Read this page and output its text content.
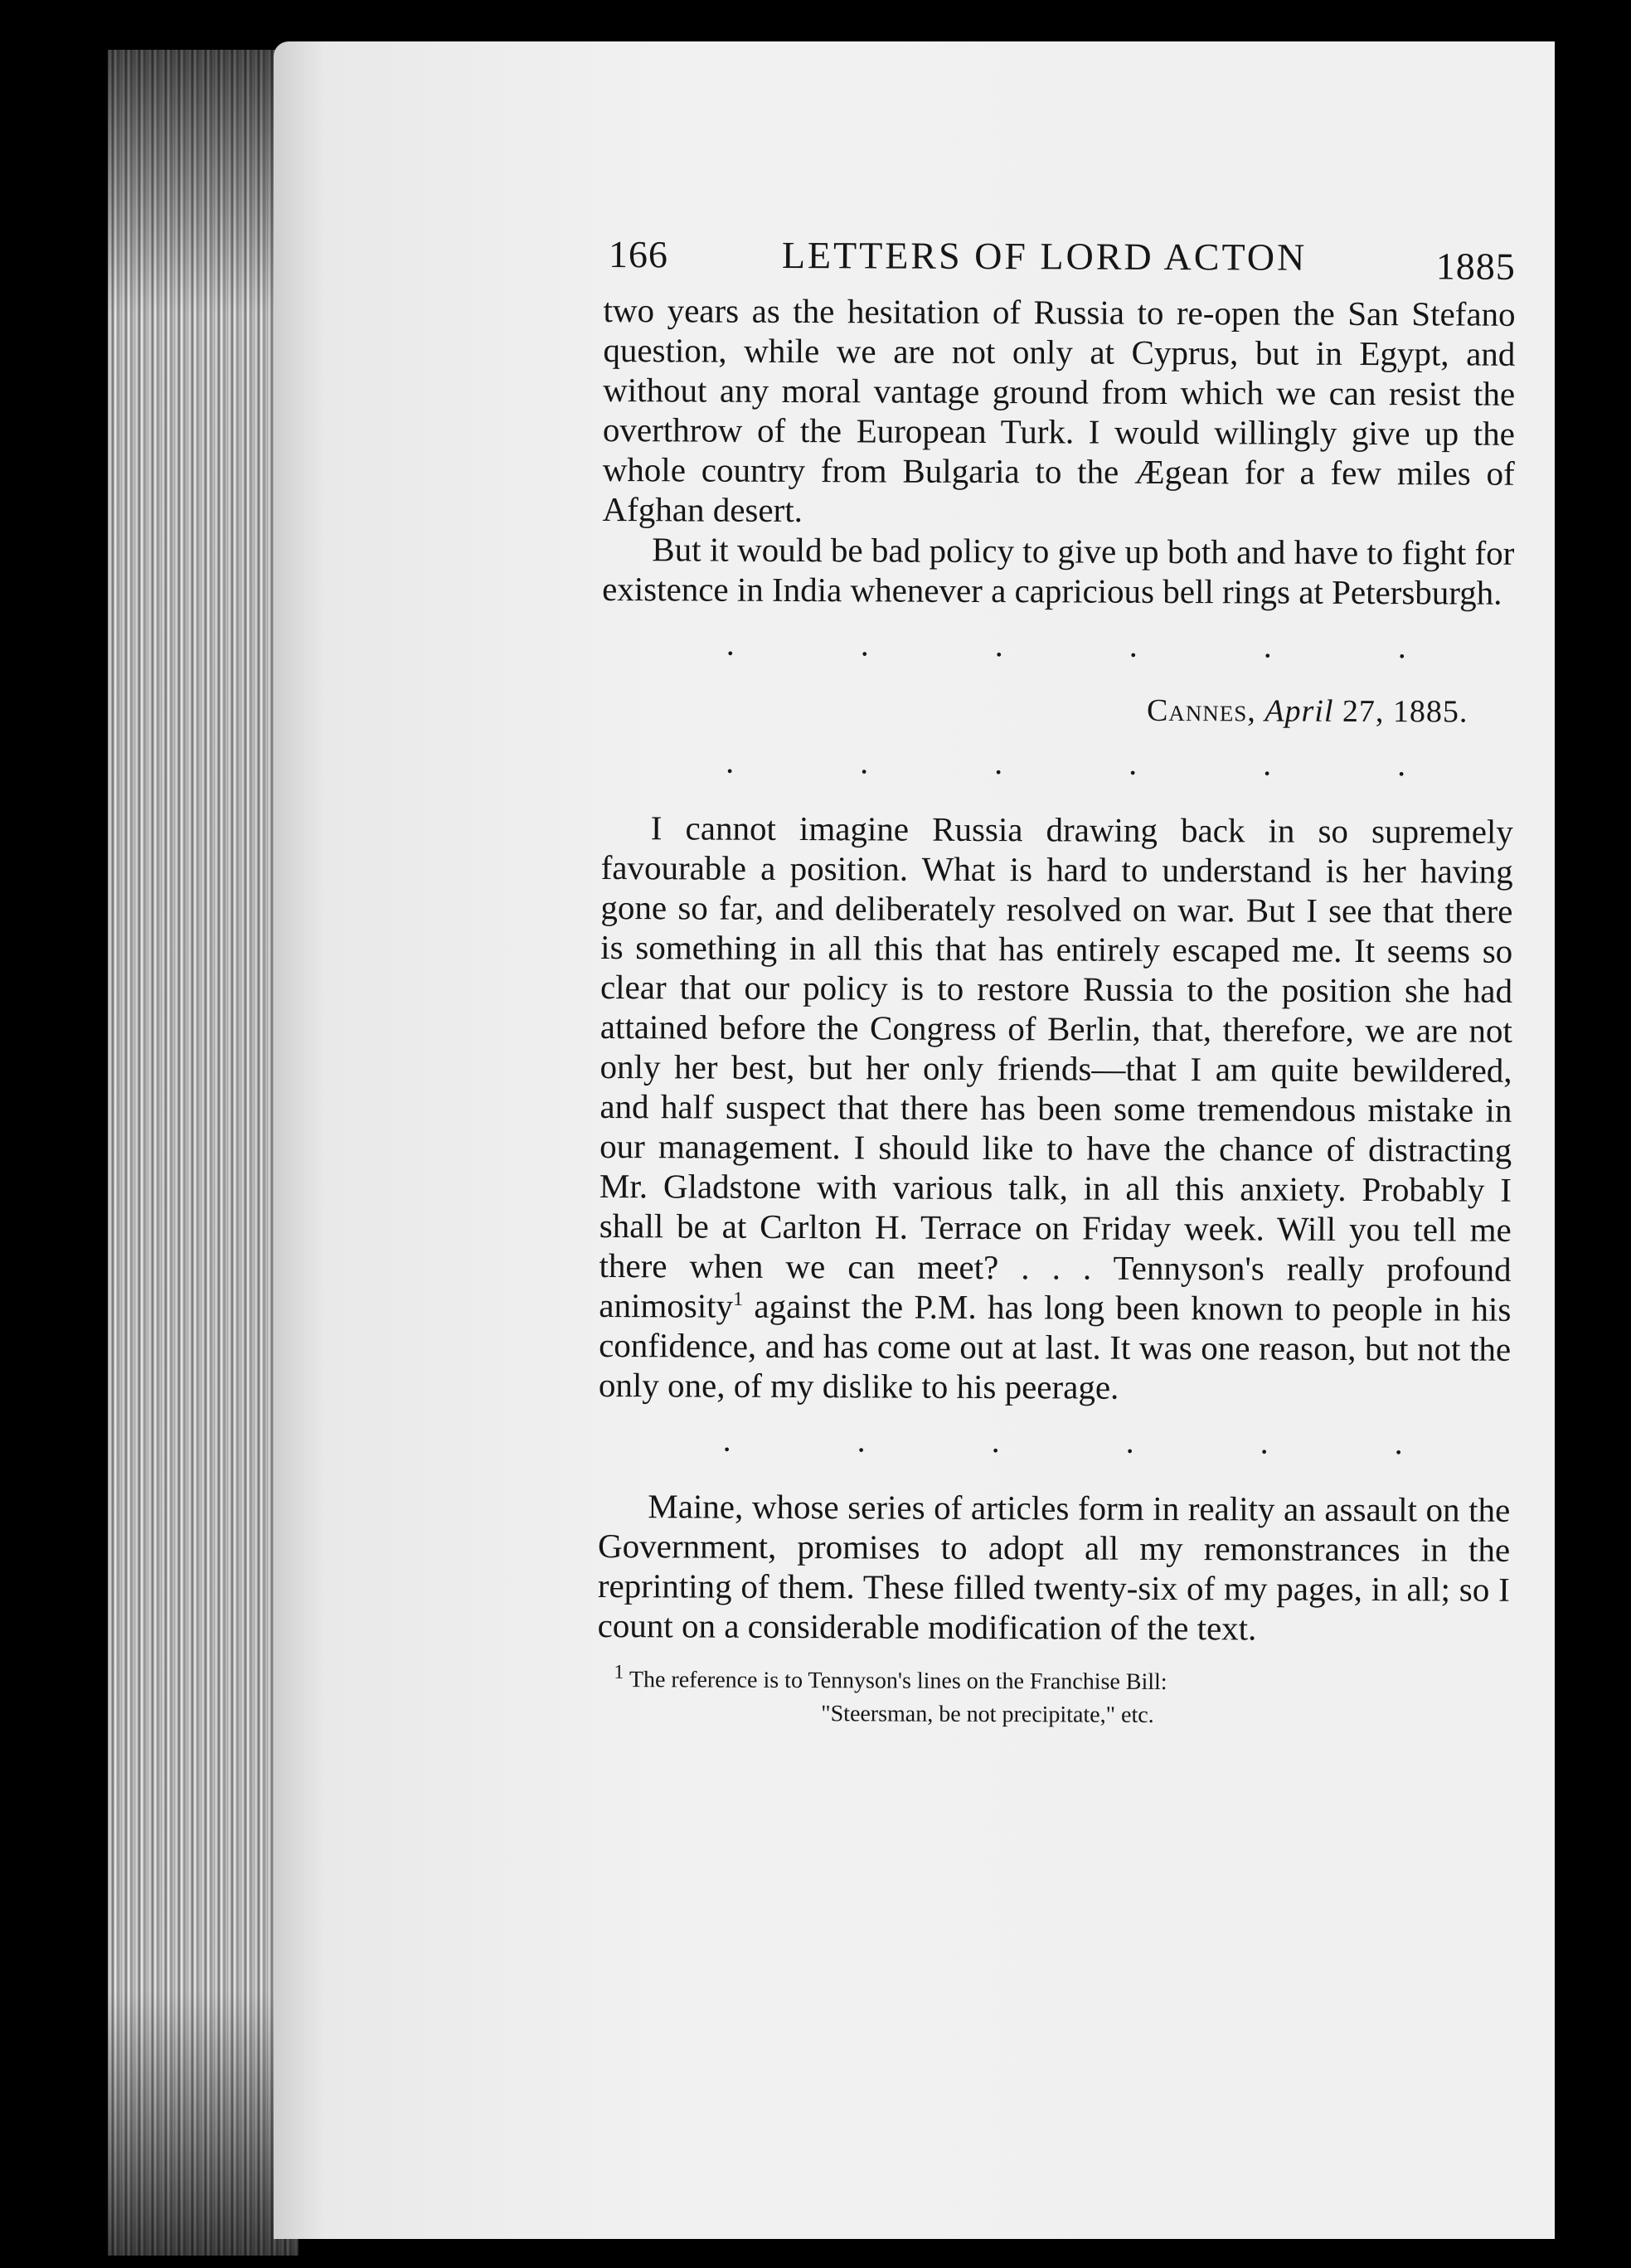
166	LETTERS OF LORD ACTON	1885

two years as the hesitation of Russia to re-open the San Stefano question, while we are not only at Cyprus, but in Egypt, and without any moral vantage ground from which we can resist the overthrow of the European Turk. I would willingly give up the whole country from Bulgaria to the Ægean for a few miles of Afghan desert.

But it would be bad policy to give up both and have to fight for existence in India whenever a capricious bell rings at Petersburgh.

.	.	.	.	.	.

Cannes, April 27, 1885.

.	.	.	.	.	.

I cannot imagine Russia drawing back in so supremely favourable a position. What is hard to understand is her having gone so far, and deliberately resolved on war. But I see that there is something in all this that has entirely escaped me. It seems so clear that our policy is to restore Russia to the position she had attained before the Congress of Berlin, that, therefore, we are not only her best, but her only friends—that I am quite bewildered, and half suspect that there has been some tremendous mistake in our management. I should like to have the chance of distracting Mr. Gladstone with various talk, in all this anxiety. Probably I shall be at Carlton H. Terrace on Friday week. Will you tell me there when we can meet? . . . Tennyson's really profound animosity$^1$ against the P.M. has long been known to people in his confidence, and has come out at last. It was one reason, but not the only one, of my dislike to his peerage.

.	.	.	.	.	.

Maine, whose series of articles form in reality an assault on the Government, promises to adopt all my remonstrances in the reprinting of them. These filled twenty-six of my pages, in all; so I count on a considerable modification of the text.

$^1$ The reference is to Tennyson's lines on the Franchise Bill:
"Steersman, be not precipitate," etc.
